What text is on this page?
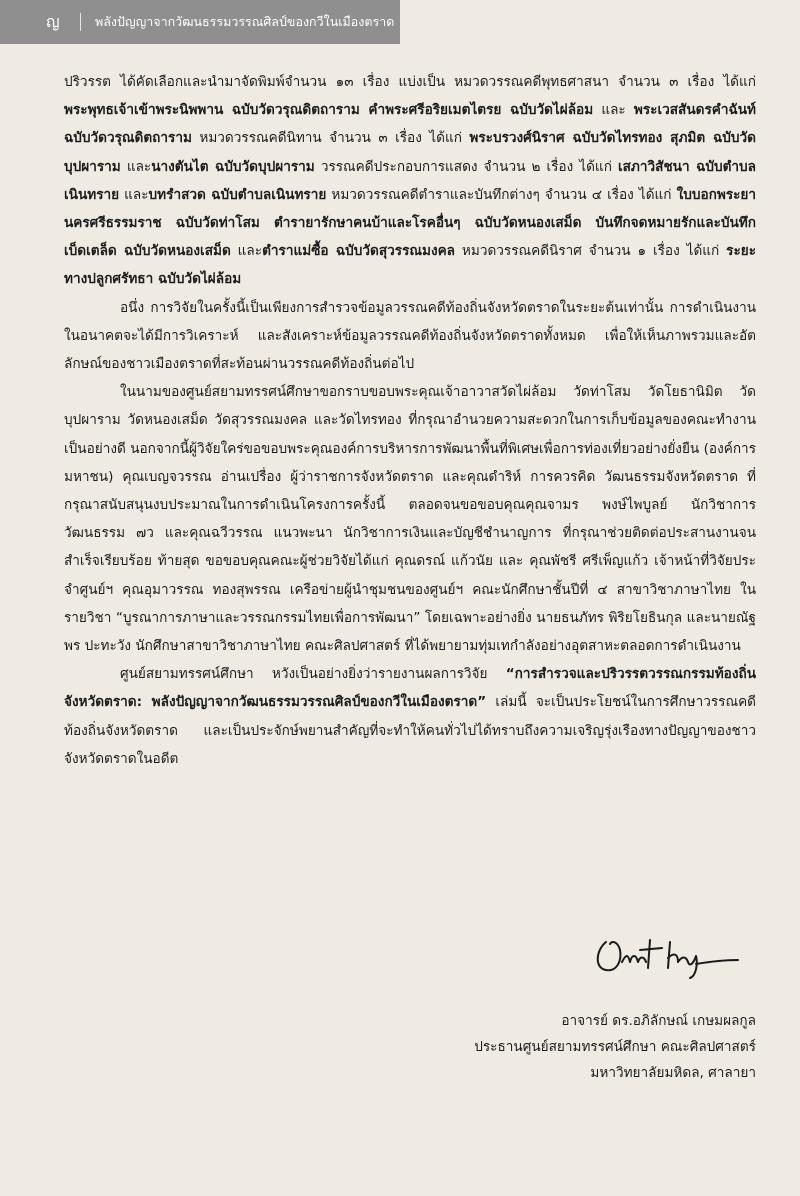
ญ	พลังปัญญาจากวัฒนธรรมวรรณศิลป์ของกวีในเมืองตราด

ปริวรรต ได้คัดเลือกและนำมาจัดพิมพ์จำนวน ๑๓ เรื่อง แบ่งเป็น หมวดวรรณคดีพุทธศาสนา จำนวน ๓ เรื่อง ได้แก่ พระพุทธเจ้าเข้าพระนิพพาน ฉบับวัดวรุณดิตถาราม คำพระศรีอริยเมตไตรย ฉบับวัดไผ่ล้อม และ พระเวสสันดรคำฉันท์ ฉบับวัดวรุณดิตถาราม หมวดวรรณคดีนิทาน จำนวน ๓ เรื่อง ได้แก่ พระบรวงศ์นิราศ ฉบับวัดไทรทอง สุภมิต ฉบับวัดบุปผาราม และนางตันไต ฉบับวัดบุปผาราม วรรณคดีประกอบการแสดง จำนวน ๒ เรื่อง ได้แก่ เสภาวิสัชนา ฉบับตำบลเนินทราย และบทรำสวด ฉบับตำบลเนินทราย หมวดวรรณคดีตำราและบันทึกต่างๆ จำนวน ๔ เรื่อง ได้แก่ ใบบอกพระยานครศรีธรรมราช ฉบับวัดท่าโสม ตำรายารักษาคนบ้าและโรคอื่นๆ ฉบับวัดหนองเสม็ด บันทึกจดหมายรักและบันทึกเบ็ดเตล็ด ฉบับวัดหนองเสม็ด และตำราแม่ซื้อ ฉบับวัดสุวรรณมงคล หมวดวรรณคดีนิราศ จำนวน ๑ เรื่อง ได้แก่ ระยะทางปลูกศรัทธา ฉบับวัดไผ่ล้อม

อนึ่ง การวิจัยในครั้งนี้เป็นเพียงการสำรวจข้อมูลวรรณคดีท้องถิ่นจังหวัดตราดในระยะต้นเท่านั้น การดำเนินงานในอนาคตจะได้มีการวิเคราะห์ และสังเคราะห์ข้อมูลวรรณคดีท้องถิ่นจังหวัดตราดทั้งหมด เพื่อให้เห็นภาพรวมและอัตลักษณ์ของชาวเมืองตราดที่สะท้อนผ่านวรรณคดีท้องถิ่นต่อไป

ในนามของศูนย์สยามทรรศน์ศึกษาขอกราบขอบพระคุณเจ้าอาวาสวัดไผ่ล้อม วัดท่าโสม วัดโยธานิมิต วัดบุปผาราม วัดหนองเสม็ด วัดสุวรรณมงคล และวัดไทรทอง ที่กรุณาอำนวยความสะดวกในการเก็บข้อมูลของคณะทำงานเป็นอย่างดี นอกจากนี้ผู้วิจัยใคร่ขอขอบพระคุณองค์การบริหารการพัฒนาพื้นที่พิเศษเพื่อการท่องเที่ยวอย่างยั่งยืน (องค์การมหาชน) คุณเบญจวรรณ อ่านเปรื่อง ผู้ว่าราชการจังหวัดตราด และคุณดำริห์ การควรคิด วัฒนธรรมจังหวัดตราด ที่กรุณาสนับสนุนงบประมาณในการดำเนินโครงการครั้งนี้ ตลอดจนขอขอบคุณคุณจามร พงษ์ไพบูลย์ นักวิชาการวัฒนธรรม ๗ว และคุณฉวีวรรณ แนวพะนา นักวิชาการเงินและบัญชีชำนาญการ ที่กรุณาช่วยติดต่อประสานงานจนสำเร็จเรียบร้อย ท้ายสุด ขอขอบคุณคณะผู้ช่วยวิจัยได้แก่ คุณดรณ์ แก้วนัย และ คุณพัชรี ศรีเพ็ญแก้ว เจ้าหน้าที่วิจัยประจำศูนย์ฯ คุณอุมาวรรณ ทองสุพรรณ เครือข่ายผู้นำชุมชนของศูนย์ฯ คณะนักศึกษาชั้นปีที่ ๔ สาขาวิชาภาษาไทย ในรายวิชา “บูรณาการภาษาและวรรณกรรมไทยเพื่อการพัฒนา” โดยเฉพาะอย่างยิ่ง นายธนภัทร พิริยโยธินกุล และนายณัฐพร ปะทะวัง นักศึกษาสาขาวิชาภาษาไทย คณะศิลปศาสตร์ ที่ได้พยายามทุ่มเทกำลังอย่างอุตสาหะตลอดการดำเนินงาน

ศูนย์สยามทรรศน์ศึกษา หวังเป็นอย่างยิ่งว่ารายงานผลการวิจัย “การสำรวจและปริวรรตวรรณกรรมท้องถิ่นจังหวัดตราด: พลังปัญญาจากวัฒนธรรมวรรณศิลป์ของกวีในเมืองตราด” เล่มนี้ จะเป็นประโยชน์ในการศึกษาวรรณคดีท้องถิ่นจังหวัดตราด และเป็นประจักษ์พยานสำคัญที่จะทำให้คนทั่วไปได้ทราบถึงความเจริญรุ่งเรืองทางปัญญาของชาวจังหวัดตราดในอดีต

อาจารย์ ดร.อภิลักษณ์ เกษมผลกูล
ประธานศูนย์สยามทรรศน์ศึกษา คณะศิลปศาสตร์
มหาวิทยาลัยมหิดล, ศาลายา
